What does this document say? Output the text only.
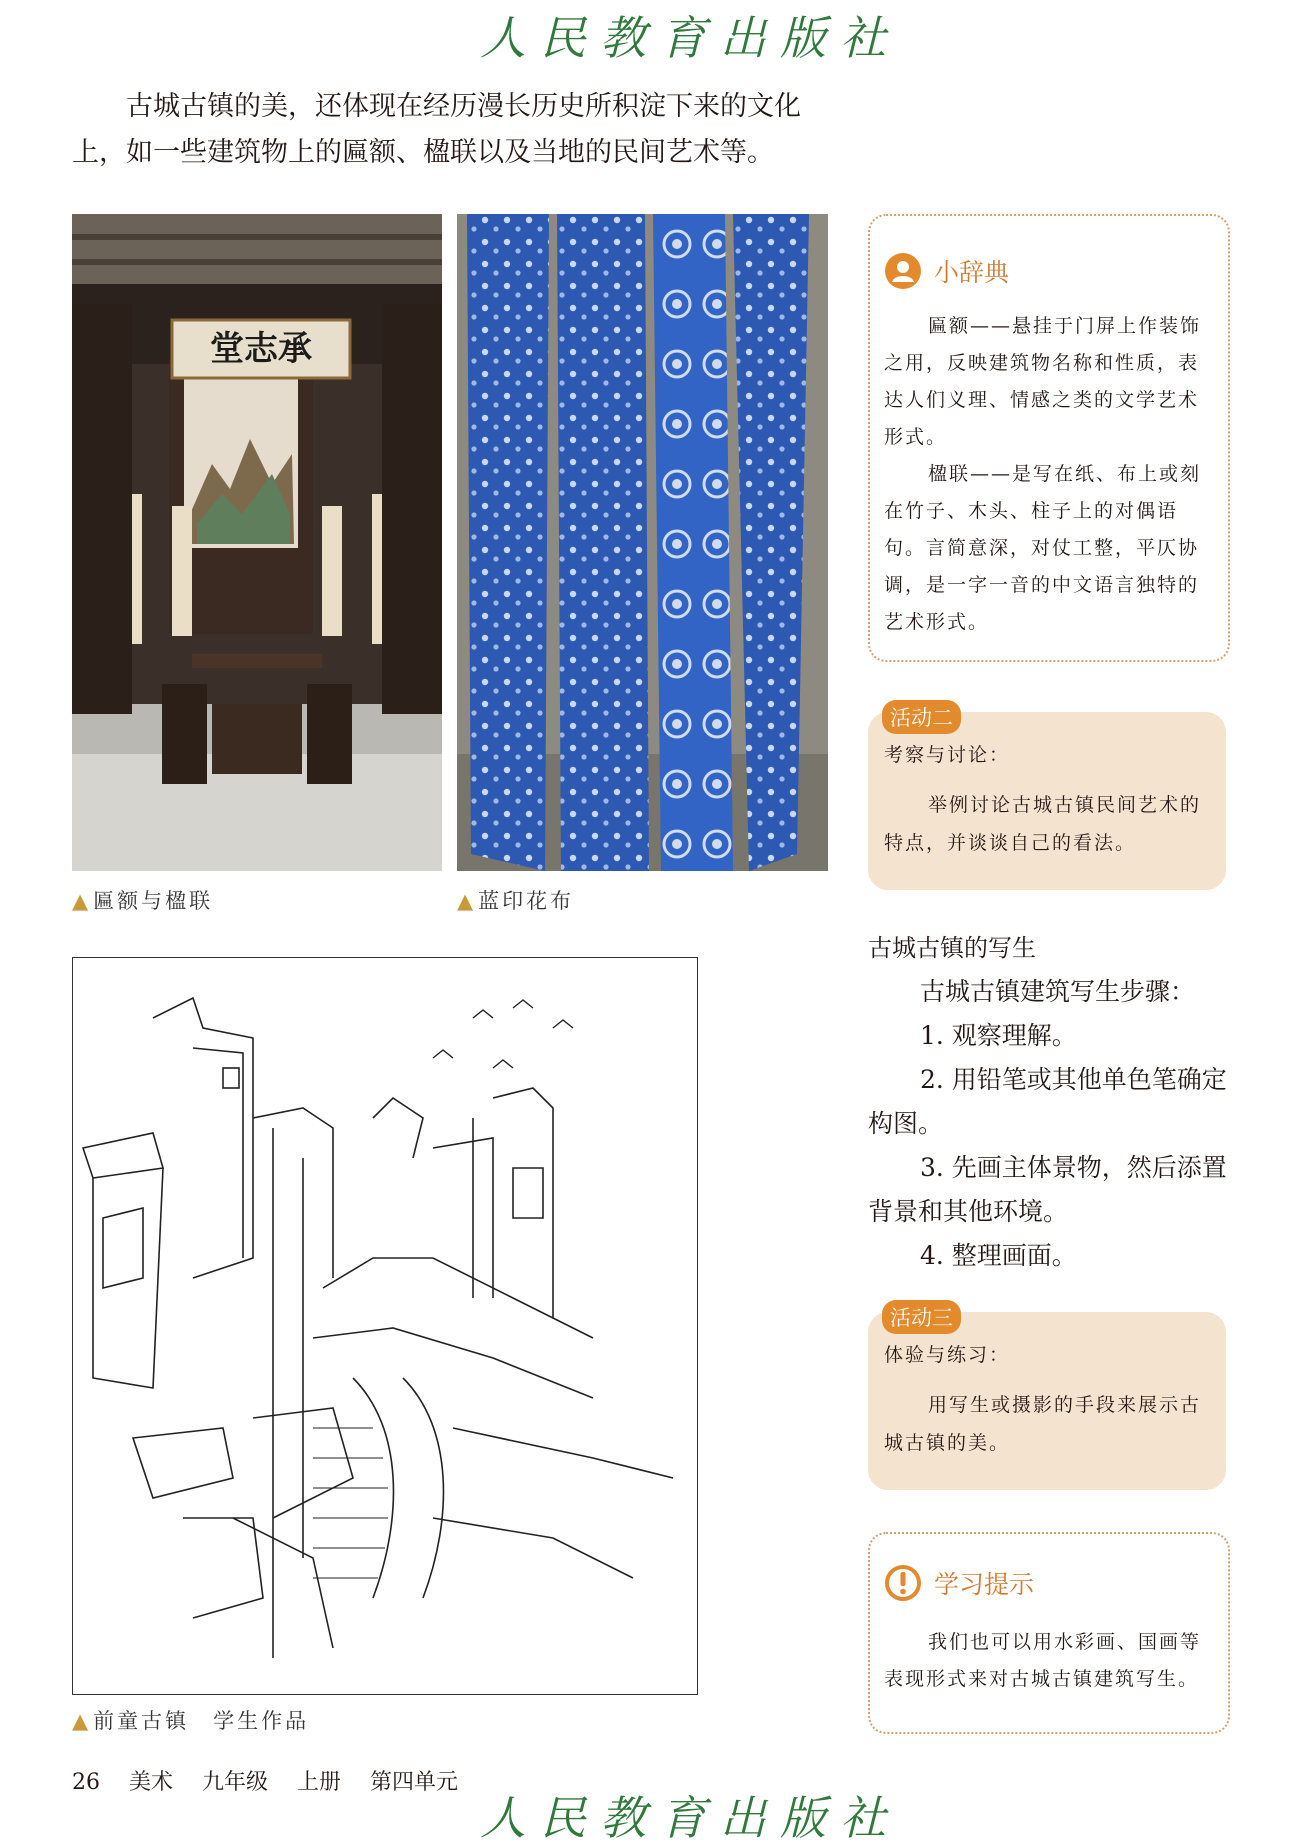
人民教育出版社

古城古镇的美，还体现在经历漫长历史所积淀下来的文化上，如一些建筑物上的匾额、楹联以及当地的民间艺术等。

堂志承
▲匾额与楹联	▲蓝印花布
▲前童古镇　学生作品
小辞典

匾额——悬挂于门屏上作装饰之用，反映建筑物名称和性质，表达人们义理、情感之类的文学艺术形式。

楹联——是写在纸、布上或刻在竹子、木头、柱子上的对偶语句。言简意深，对仗工整，平仄协调，是一字一音的中文语言独特的艺术形式。

活动二
考察与讨论：

举例讨论古城古镇民间艺术的特点，并谈谈自己的看法。

古城古镇的写生

古城古镇建筑写生步骤：

1. 观察理解。

2. 用铅笔或其他单色笔确定构图。

3. 先画主体景物，然后添置背景和其他环境。

4. 整理画面。

活动三
体验与练习：

用写生或摄影的手段来展示古城古镇的美。

学习提示

我们也可以用水彩画、国画等表现形式来对古城古镇建筑写生。

26 美术 九年级 上册 第四单元
人民教育出版社
